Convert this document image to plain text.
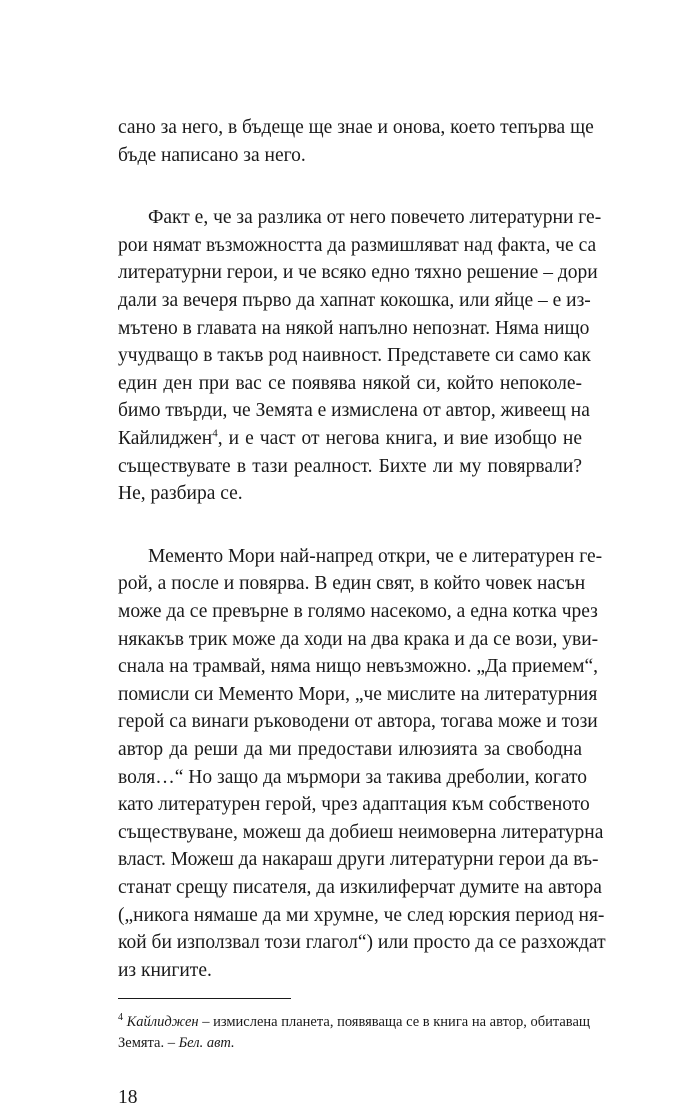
сано за него, в бъдеще ще знае и онова, което тепърва ще
бъде написано за него.
Факт е, че за разлика от него повечето литературни ге-
рои нямат възможността да размишляват над факта, че са
литературни герои, и че всяко едно тяхно решение – дори
дали за вечеря първо да хапнат кокошка, или яйце – е из-
мътено в главата на някой напълно непознат. Няма нищо
учудващо в такъв род наивност. Представете си само как
един ден при вас се появява някой си, който непоколе-
бимо твърди, че Земята е измислена от автор, живеещ на
Кайлиджен$^4$, и е част от негова книга, и вие изобщо не
съществувате в тази реалност. Бихте ли му повярвали?
Не, разбира се.
Мементо Мори най-напред откри, че е литературен ге-
рой, а после и повярва. В един свят, в който човек насън
може да се превърне в голямо насекомо, а една котка чрез
някакъв трик може да ходи на два крака и да се вози, уви-
снала на трамвай, няма нищо невъзможно. „Да приемем“,
помисли си Мементо Мори, „че мислите на литературния
герой са винаги ръководени от автора, тогава може и този
автор да реши да ми предостави илюзията за свободна
воля…“ Но защо да мърмори за такива дреболии, когато
като литературен герой, чрез адаптация към собственото
съществуване, можеш да добиеш неимоверна литературна
власт. Можеш да накараш други литературни герои да въ-
станат срещу писателя, да изкилиферчат думите на автора
(„никога нямаше да ми хрумне, че след юрския период ня-
кой би използвал този глагол“) или просто да се разхождат
из книгите.
$^4$ Кайлиджен – измислена планета, появяваща се в книга на автор, обитаващ
Земята. – Бел. авт.
18
